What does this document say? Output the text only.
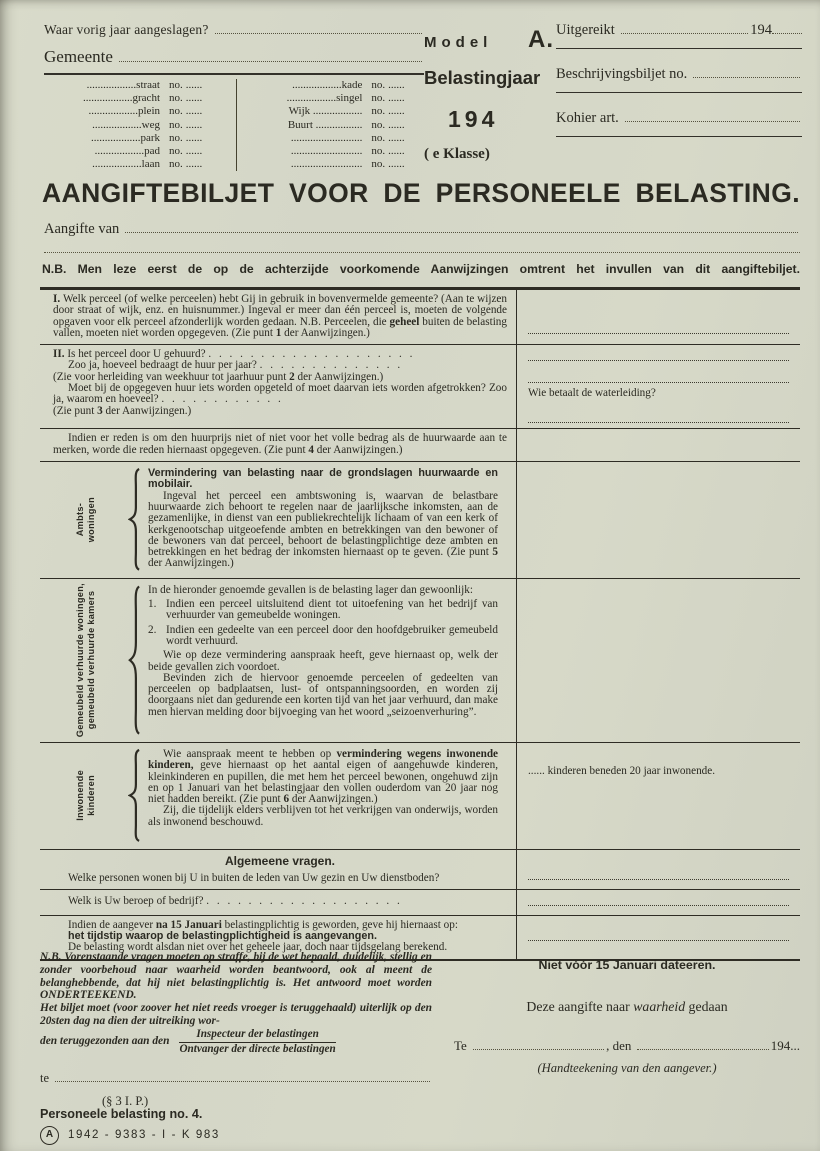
Waar vorig jaar aangeslagen?
Gemeente
..................straat no. ......
..................gracht no. ......
..................plein no. ......
..................weg no. ......
..................park no. ......
..................pad no. ......
..................laan no. ......
..................kade no. ......
..................singel no. ......
Wijk .................. no. ......
Buurt ................. no. ......
.......................... no. ......
.......................... no. ......
.......................... no. ......
Model A.
Belastingjaar
194
( e Klasse)
Uitgereikt	194
Beschrijvingsbiljet no.
Kohier art.
AANGIFTEBILJET VOOR DE PERSONEELE BELASTING.
Aangifte van
N.B. Men leze eerst de op de achterzijde voorkomende Aanwijzingen omtrent het invullen van dit aangiftebiljet.

I. Welk perceel (of welke perceelen) hebt Gij in gebruik in bovenvermelde gemeente? (Aan te wijzen door straat of wijk, enz. en huisnummer.) Ingeval er meer dan één perceel is, moeten de volgende opgaven voor elk perceel afzonderlijk worden gedaan. N.B. Perceelen, die geheel buiten de belasting vallen, moeten niet worden opgegeven. (Zie punt 1 der Aanwijzingen.)

II. Is het perceel door U gehuurd? . . . . . . . . . . . . . . . . . . . .

Zoo ja, hoeveel bedraagt de huur per jaar? . . . . . . . . . . . . . .

(Zie voor herleiding van weekhuur tot jaarhuur punt 2 der Aanwijzingen.)

Moet bij de opgegeven huur iets worden opgeteld of moet daarvan iets worden afgetrokken? Zoo ja, waarom en hoeveel? . . . . . . . . . . . .

(Zie punt 3 der Aanwijzingen.)

Wie betaalt de waterleiding?

Indien er reden is om den huurprijs niet of niet voor het volle bedrag als de huurwaarde aan te merken, worde die reden hiernaast opgegeven. (Zie punt 4 der Aanwijzingen.)

Ambts-
woningen

Vermindering van belasting naar de grondslagen huurwaarde en mobilair.

Ingeval het perceel een ambtswoning is, waarvan de belastbare huurwaarde zich behoort te regelen naar de jaarlijksche inkomsten, aan de gezamenlijke, in dienst van een publiekrechtelijk lichaam of van een kerk of kerkgenootschap uitgeoefende ambten en betrekkingen van den bewoner of de bewoners van dat perceel, behoort de belastingplichtige deze ambten en betrekkingen en het bedrag der inkomsten hiernaast op te geven. (Zie punt 5 der Aanwijzingen.)

Gemeubeld verhuurde woningen,
gemeubeld verhuurde kamers

In de hieronder genoemde gevallen is de belasting lager dan gewoonlijk:

1. Indien een perceel uitsluitend dient tot uitoefening van het bedrijf van verhuurder van gemeubelde woningen.

2. Indien een gedeelte van een perceel door den hoofdgebruiker gemeubeld wordt verhuurd.

Wie op deze vermindering aanspraak heeft, geve hiernaast op, welk der beide gevallen zich voordoet.

Bevinden zich de hiervoor genoemde perceelen of gedeelten van perceelen op badplaatsen, lust- of ontspanningsoorden, en worden zij doorgaans niet dan gedurende een korten tijd van het jaar verhuurd, dan make men hiervan melding door bijvoeging van het woord „seizoenverhuring”.

Inwonende
kinderen

Wie aanspraak meent te hebben op vermindering wegens inwonende kinderen, geve hiernaast op het aantal eigen of aangehuwde kinderen, kleinkinderen en pupillen, die met hem het perceel bewonen, ongehuwd zijn en op 1 Januari van het belastingjaar den vollen ouderdom van 20 jaar nog niet hadden bereikt. (Zie punt 6 der Aanwijzingen.)

Zij, die tijdelijk elders verblijven tot het verkrijgen van onderwijs, worden als inwonend beschouwd.

...... kinderen beneden 20 jaar inwonende.

Algemeene vragen.

Welke personen wonen bij U in buiten de leden van Uw gezin en Uw dienstboden?

Welk is Uw beroep of bedrijf? . . . . . . . . . . . . . . . . . . .

Indien de aangever na 15 Januari belastingplichtig is geworden, geve hij hiernaast op:

het tijdstip waarop de belastingplichtigheid is aangevangen.

De belasting wordt alsdan niet over het geheele jaar, doch naar tijdsgelang berekend.

N.B. Vorenstaande vragen moeten op straffe, bij de wet bepaald, duidelijk, stellig en zonder voorbehoud naar waarheid worden beantwoord, ook al meent de belanghebbende, dat hij niet belastingplichtig is. Het antwoord moet worden ONDERTEEKEND.

Het biljet moet (voor zoover het niet reeds vroeger is teruggehaald) uiterlijk op den 20sten dag na dien der uitreiking wor-

den teruggezonden aan den $\frac{\text{Inspecteur der belastingen}}{\text{Ontvanger der directe belastingen}}$
te

(§ 3 I. P.)

Personeele belasting no. 4.

A	1942 - 9383 - I - K 983
Niet vóór 15 Januari dateeren.
Deze aangifte naar waarheid gedaan
Te	, den	194...
(Handteekening van den aangever.)
